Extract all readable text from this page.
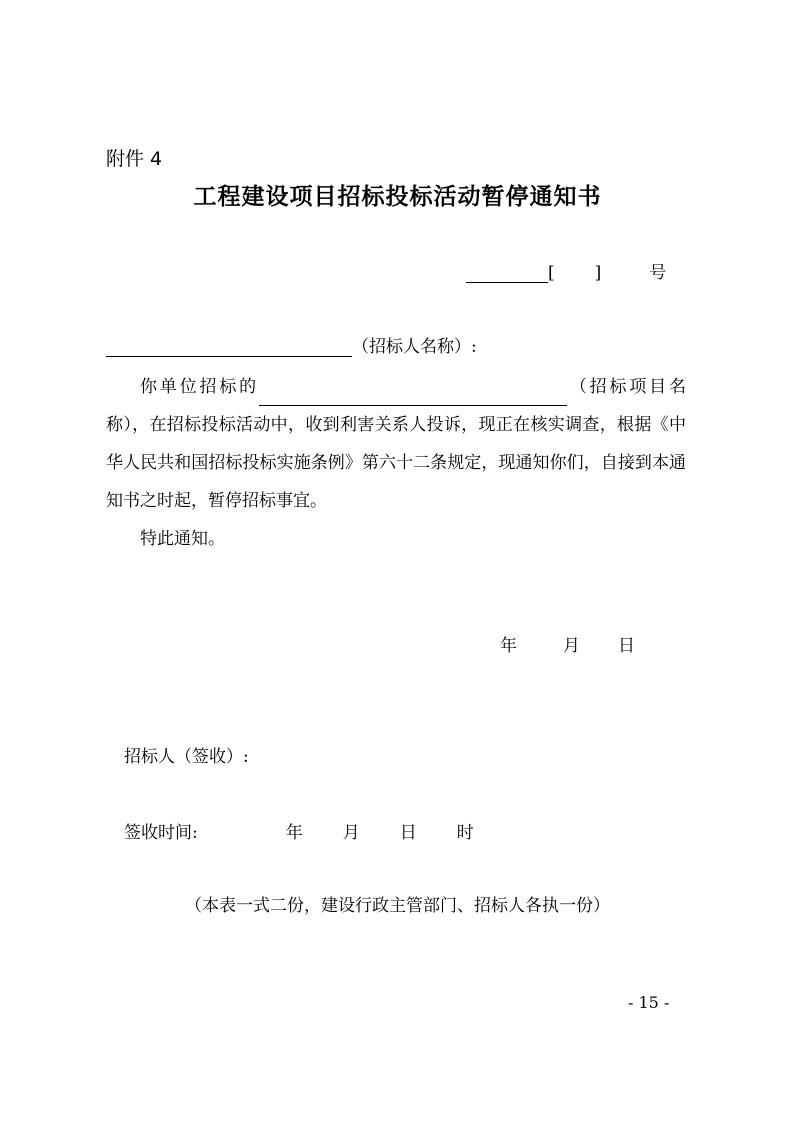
附件 4
工程建设项目招标投标活动暂停通知书
[ ]	号
（招标人名称）:

你单位招标的	（招标项目名称），在招标投标活动中，收到利害关系人投诉，现正在核实调查，根据《中华人民共和国招标投标实施条例》第六十二条规定，现通知你们，自接到本通知书之时起，暂停招标事宜。

特此通知。

年	月 日
招标人（签收）:
签收时间:	年 月 日 时
（本表一式二份，建设行政主管部门、招标人各执一份）
- 15 -
